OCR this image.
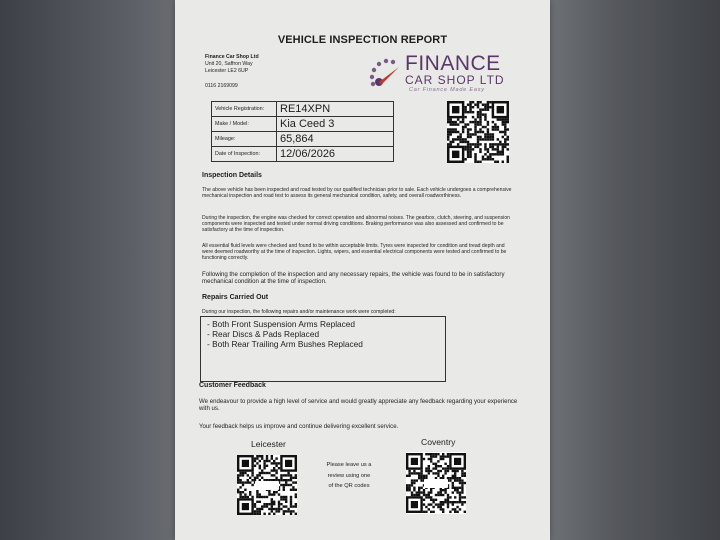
VEHICLE INSPECTION REPORT
Finance Car Shop Ltd
Unit 20, Saffron Way
Leicester LE2 6UP
0116 2169099
FINANCE
CAR SHOP LTD
Car Finance Made Easy
Vehicle Registration:	RE14XPN
Make / Model:	Kia Ceed 3
Mileage:	65,864
Date of Inspection:	12/06/2026
Inspection Details
The above vehicle has been inspected and road tested by our qualified technician prior to sale. Each vehicle undergoes a comprehensive mechanical inspection and road test to assess its general mechanical condition, safety, and overall roadworthiness.
During the inspection, the engine was checked for correct operation and abnormal noises. The gearbox, clutch, steering, and suspension components were inspected and tested under normal driving conditions. Braking performance was also assessed and confirmed to be satisfactory at the time of inspection.
All essential fluid levels were checked and found to be within acceptable limits. Tyres were inspected for condition and tread depth and were deemed roadworthy at the time of inspection. Lights, wipers, and essential electrical components were tested and confirmed to be functioning correctly.
Following the completion of the inspection and any necessary repairs, the vehicle was found to be in satisfactory mechanical condition at the time of inspection.
Repairs Carried Out
During our inspection, the following repairs and/or maintenance work were completed:
- Both Front Suspension Arms Replaced
- Rear Discs & Pads Replaced
- Both Rear Trailing Arm Bushes Replaced
Customer Feedback
We endeavour to provide a high level of service and would greatly appreciate any feedback regarding your experience with us.
Your feedback helps us improve and continue delivering excellent service.
Leicester	Coventry
Please leave us a
review using one
of the QR codes
